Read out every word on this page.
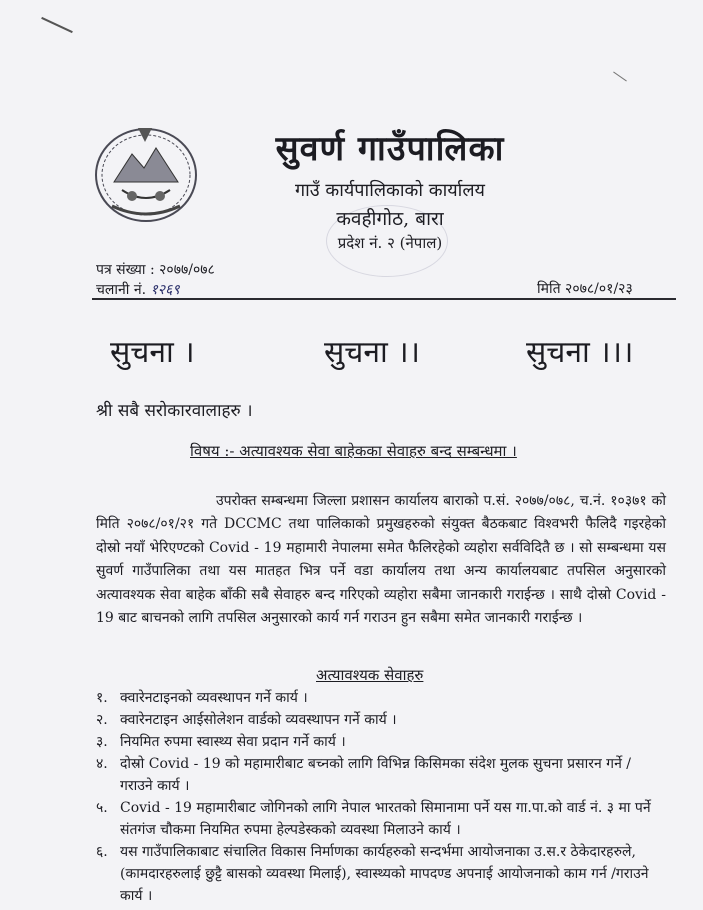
सुवर्ण गाउँपालिका
गाउँ कार्यपालिकाको कार्यालय
कवहीगोठ, बारा
प्रदेश नं. २ (नेपाल)
पत्र संख्या : २०७७/०७८
चलानी नं. १२६९	मिति २०७८/०१/२३
सुचना ।	सुचना ।।	सुचना ।।।
श्री सबै सरोकारवालाहरु ।
विषय :- अत्यावश्यक सेवा बाहेकका सेवाहरु बन्द सम्बन्धमा ।
उपरोक्त सम्बन्धमा जिल्ला प्रशासन कार्यालय बाराको प.सं. २०७७/०७८, च.नं. १०३७१ को मिति २०७८/०१/२१ गते DCCMC तथा पालिकाको प्रमुखहरुको संयुक्त बैठकबाट विश्वभरी फैलिदै गइरहेको दोस्रो नयाँ भेरिएण्टको Covid - 19 महामारी नेपालमा समेत फैलिरहेको व्यहोरा सर्वविदितै छ । सो सम्बन्धमा यस सुवर्ण गाउँपालिका तथा यस मातहत भित्र पर्ने वडा कार्यालय तथा अन्य कार्यालयबाट तपसिल अनुसारको अत्यावश्यक सेवा बाहेक बाँकी सबै सेवाहरु बन्द गरिएको व्यहोरा सबैमा जानकारी गराईन्छ । साथै दोस्रो Covid - 19 बाट बाचनको लागि तपसिल अनुसारको कार्य गर्न गराउन हुन सबैमा समेत जानकारी गराईन्छ ।
अत्यावश्यक सेवाहरु
१. क्वारेनटाइनको व्यवस्थापन गर्ने कार्य ।
२. क्वारेनटाइन आईसोलेशन वार्डको व्यवस्थापन गर्ने कार्य ।
३. नियमित रुपमा स्वास्थ्य सेवा प्रदान गर्ने कार्य ।
४. दोस्रो Covid - 19 को महामारीबाट बच्नको लागि विभिन्न किसिमका संदेश मुलक सुचना प्रसारन गर्ने / गराउने कार्य ।
५. Covid - 19 महामारीबाट जोगिनको लागि नेपाल भारतको सिमानामा पर्ने यस गा.पा.को वार्ड नं. ३ मा पर्ने संतगंज चौकमा नियमित रुपमा हेल्पडेस्कको व्यवस्था मिलाउने कार्य ।
६. यस गाउँपालिकाबाट संचालित विकास निर्माणका कार्यहरुको सन्दर्भमा आयोजनाका उ.स.र ठेकेदारहरुले, (कामदारहरुलाई छुट्टै बासको व्यवस्था मिलाई), स्वास्थ्यको मापदण्ड अपनाई आयोजनाको काम गर्न /गराउने कार्य ।
